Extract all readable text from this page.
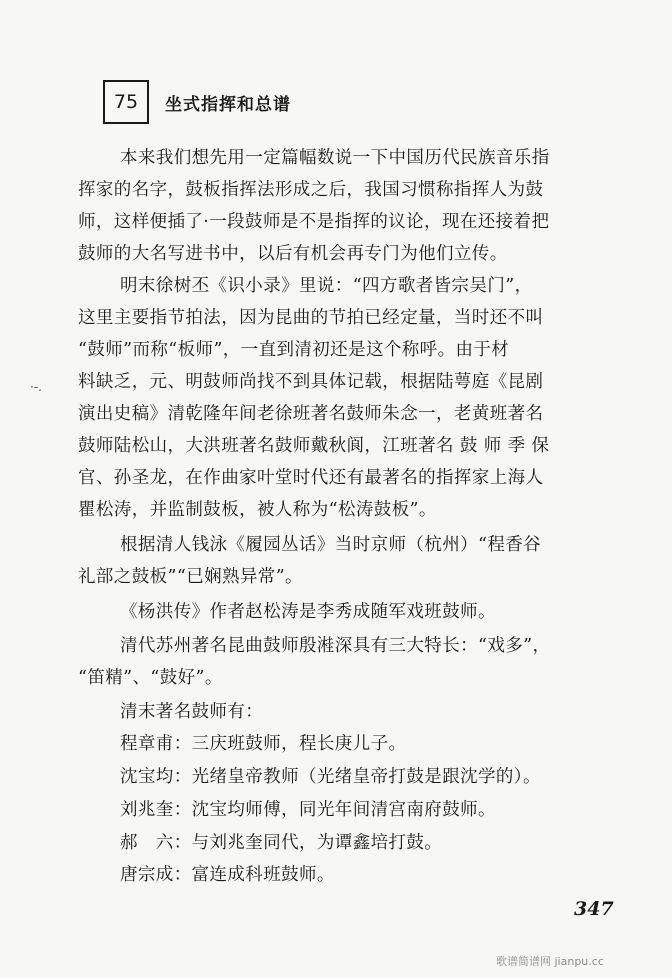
75 坐式指挥和总谱
·-.
本来我们想先用一定篇幅数说一下中国历代民族音乐指
挥家的名字，鼓板指挥法形成之后，我国习惯称指挥人为鼓
师，这样便插了·一段鼓师是不是指挥的议论，现在还接着把
鼓师的大名写进书中，以后有机会再专门为他们立传。
明末徐树丕《识小录》里说：“四方歌者皆宗吴门”，
这里主要指节拍法，因为昆曲的节拍已经定量，当时还不叫
“鼓师”而称“板师”，一直到清初还是这个称呼。由于材
料缺乏，元、明鼓师尚找不到具体记载，根据陆萼庭《昆剧
演出史稿》清乾隆年间老徐班著名鼓师朱念一，老黄班著名
鼓师陆松山，大洪班著名鼓师戴秋阆，江班著名 鼓 师 季 保
官、孙圣龙，在作曲家叶堂时代还有最著名的指挥家上海人
瞿松涛，并监制鼓板，被人称为“松涛鼓板”。
根据清人钱泳《履园丛话》当时京师（杭州）“程香谷
礼部之鼓板”“已娴熟异常”。
《杨洪传》作者赵松涛是李秀成随军戏班鼓师。
清代苏州著名昆曲鼓师殷溎深具有三大特长：“戏多”，
“笛精”、“鼓好”。
清末著名鼓师有：
程章甫：三庆班鼓师，程长庚儿子。
沈宝均：光绪皇帝教师（光绪皇帝打鼓是跟沈学的）。
刘兆奎：沈宝均师傅，同光年间清宫南府鼓师。
郝　六：与刘兆奎同代，为谭鑫培打鼓。
唐宗成：富连成科班鼓师。
347
歌谱简谱网 jianpu.cc
